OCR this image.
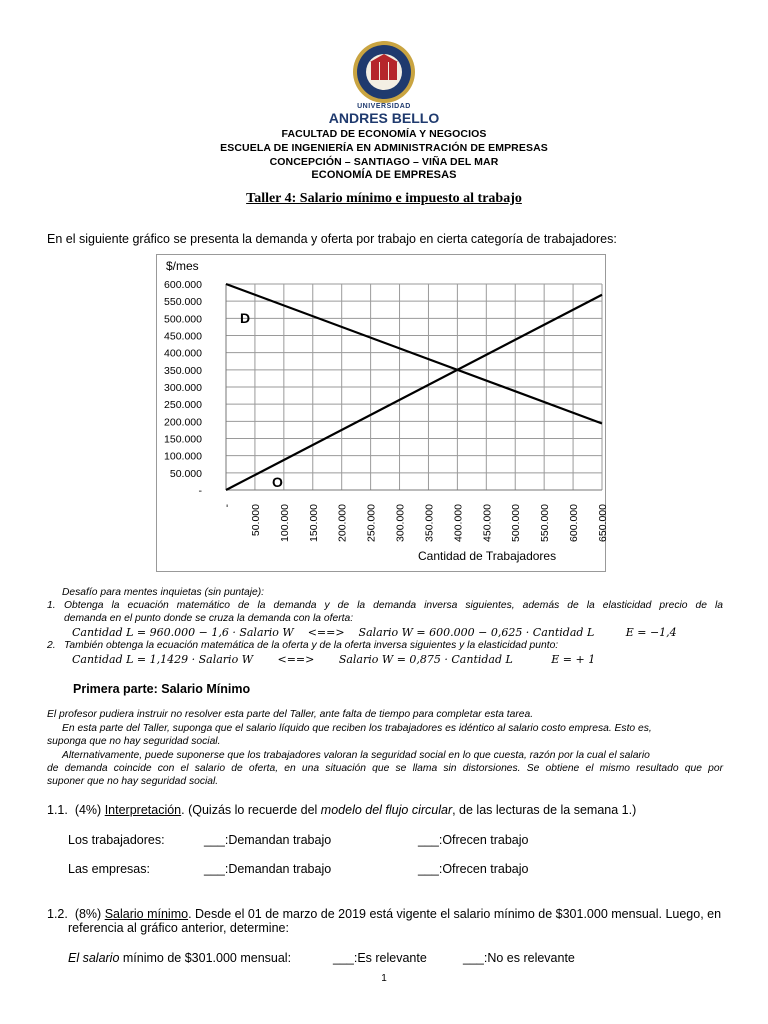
UNIVERSIDAD
ANDRES BELLO
FACULTAD DE ECONOMÍA Y NEGOCIOS
ESCUELA DE INGENIERÍA EN ADMINISTRACIÓN DE EMPRESAS
CONCEPCIÓN – SANTIAGO – VIÑA DEL MAR
ECONOMÍA DE EMPRESAS
Taller 4: Salario mínimo e impuesto al trabajo
En el siguiente gráfico se presenta la demanda y oferta por trabajo en cierta categoría de trabajadores:
-
50.000
100.000
150.000
200.000
250.000
300.000
350.000
400.000
450.000
500.000
550.000
600.000
- 50.000 100.000 150.000 200.000 250.000 300.000 350.000 400.000 450.000 500.000 550.000 600.000 650.000
$/mes
Cantidad de Trabajadores
D
O
Desafío para mentes inquietas (sin puntaje):
1. Obtenga la ecuación matemático de la demanda y de la demanda inversa siguientes, además de la elasticidad precio de la
demanda en el punto donde se cruza la demanda con la oferta:
Cantidad L = 960.000 − 1,6 · Salario W    <==>    Salario W = 600.000 − 0,625 · Cantidad L         E = −1,4
2. También obtenga la ecuación matemática de la oferta y de la oferta inversa siguientes y la elasticidad punto:
Cantidad L = 1,1429 · Salario W       <==>       Salario W = 0,875 · Cantidad L           E = + 1
Primera parte: Salario Mínimo
El profesor pudiera instruir no resolver esta parte del Taller, ante falta de tiempo para completar esta tarea.
En esta parte del Taller, suponga que el salario líquido que reciben los trabajadores es idéntico al salario costo empresa. Esto es,
suponga que no hay seguridad social.
Alternativamente, puede suponerse que los trabajadores valoran la seguridad social en lo que cuesta, razón por la cual el salario
de demanda coincide con el salario de oferta, en una situación que se llama sin distorsiones. Se obtiene el mismo resultado que por
suponer que no hay seguridad social.
1.1. (4%) Interpretación. (Quizás lo recuerde del modelo del flujo circular, de las lecturas de la semana 1.)
Los trabajadores:	___:Demandan trabajo	___:Ofrecen trabajo
Las empresas:	___:Demandan trabajo	___:Ofrecen trabajo
1.2. (8%) Salario mínimo. Desde el 01 de marzo de 2019 está vigente el salario mínimo de $301.000 mensual. Luego, en
referencia al gráfico anterior, determine:
El salario mínimo de $301.000 mensual:	___:Es relevante	___:No es relevante
1
